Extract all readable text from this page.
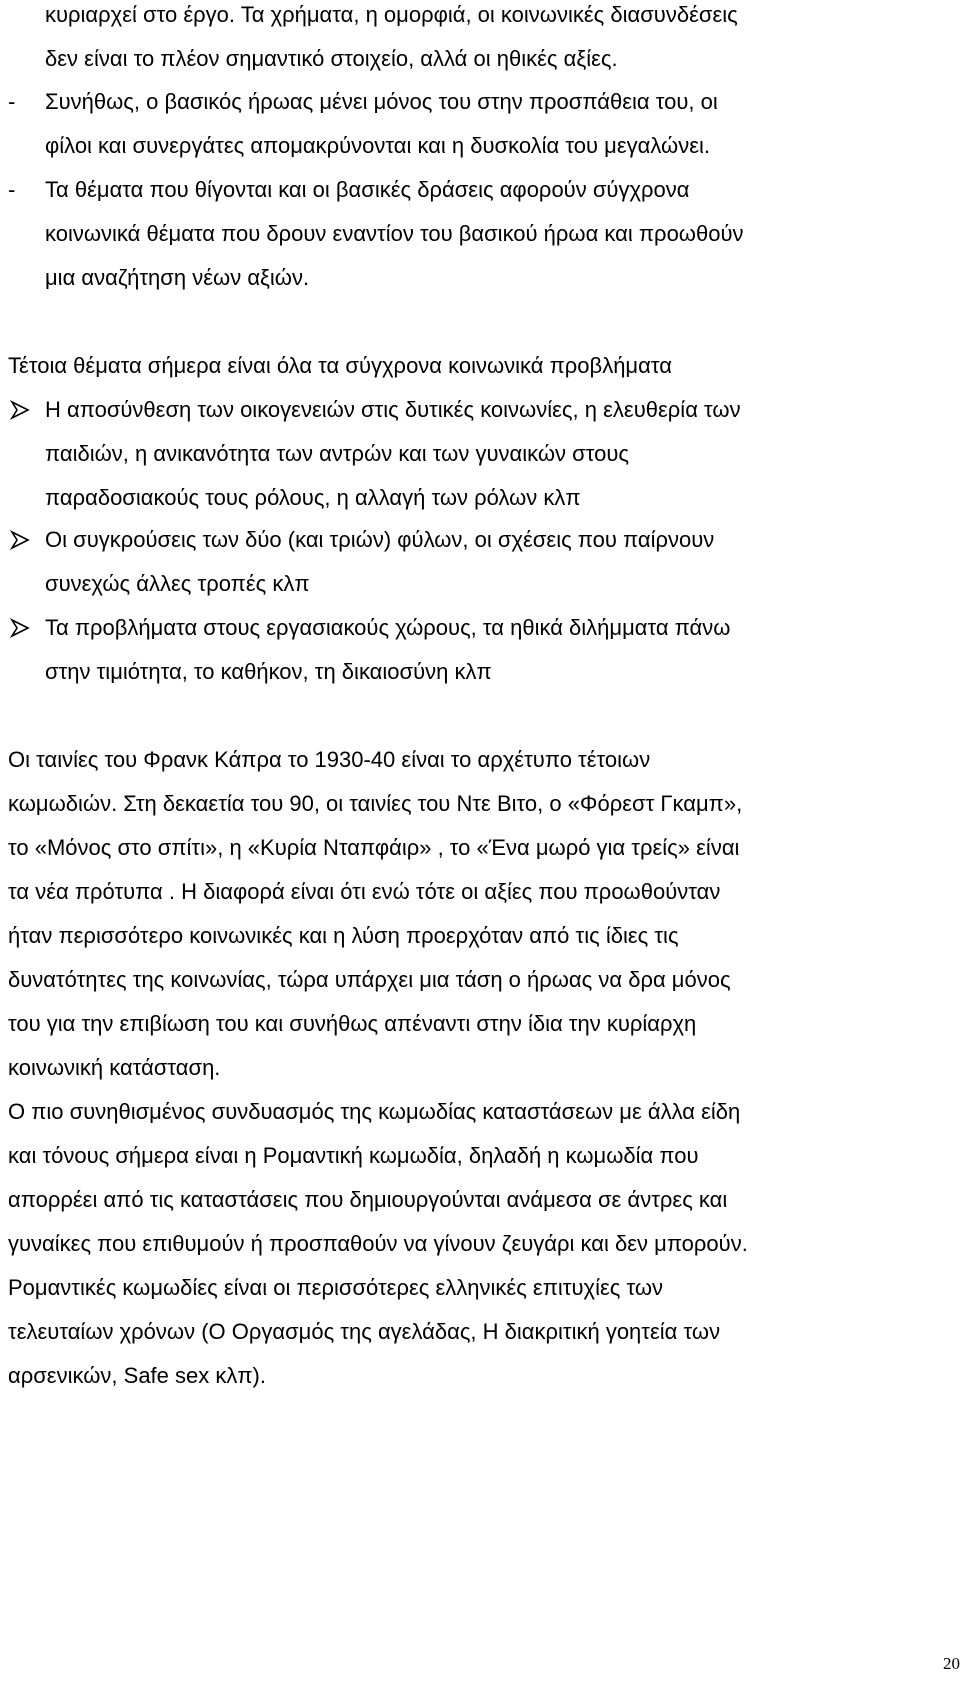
κυριαρχεί στο έργο. Τα χρήματα, η ομορφιά, οι κοινωνικές διασυνδέσεις
δεν είναι το πλέον σημαντικό στοιχείο, αλλά οι ηθικές αξίες.
- Συνήθως, ο βασικός ήρωας μένει μόνος του στην προσπάθεια του, οι
φίλοι και συνεργάτες απομακρύνονται και η δυσκολία του μεγαλώνει.
- Τα θέματα που θίγονται και οι βασικές δράσεις αφορούν σύγχρονα
κοινωνικά θέματα που δρουν εναντίον του βασικού ήρωα και προωθούν
μια αναζήτηση νέων αξιών.
Τέτοια θέματα σήμερα είναι όλα τα σύγχρονα κοινωνικά προβλήματα
Η αποσύνθεση των οικογενειών στις δυτικές κοινωνίες, η ελευθερία των
παιδιών, η ανικανότητα των αντρών και των γυναικών στους
παραδοσιακούς τους ρόλους, η αλλαγή των ρόλων κλπ
Οι συγκρούσεις των δύο (και τριών) φύλων, οι σχέσεις που παίρνουν
συνεχώς άλλες τροπές κλπ
Τα προβλήματα στους εργασιακούς χώρους, τα ηθικά διλήμματα πάνω
στην τιμιότητα, το καθήκον, τη δικαιοσύνη κλπ
Οι ταινίες του Φρανκ Κάπρα το 1930-40 είναι το αρχέτυπο τέτοιων
κωμωδιών. Στη δεκαετία του 90, οι ταινίες του Ντε Βιτο, ο «Φόρεστ Γκαμπ»,
το «Μόνος στο σπίτι», η «Κυρία Νταπφάιρ» , το «Ένα μωρό για τρείς» είναι
τα νέα πρότυπα . Η διαφορά είναι ότι ενώ τότε οι αξίες που προωθούνταν
ήταν περισσότερο κοινωνικές και η λύση προερχόταν από τις ίδιες τις
δυνατότητες της κοινωνίας, τώρα υπάρχει μια τάση ο ήρωας να δρα μόνος
του για την επιβίωση του και συνήθως απέναντι στην ίδια την κυρίαρχη
κοινωνική κατάσταση.
Ο πιο συνηθισμένος συνδυασμός της κωμωδίας καταστάσεων με άλλα είδη
και τόνους σήμερα είναι η Ρομαντική κωμωδία, δηλαδή η κωμωδία που
απορρέει από τις καταστάσεις που δημιουργούνται ανάμεσα σε άντρες και
γυναίκες που επιθυμούν ή προσπαθούν να γίνουν ζευγάρι και δεν μπορούν.
Ρομαντικές κωμωδίες είναι οι περισσότερες ελληνικές επιτυχίες των
τελευταίων χρόνων (Ο Οργασμός της αγελάδας, Η διακριτική γοητεία των
αρσενικών, Safe sex κλπ).
20
